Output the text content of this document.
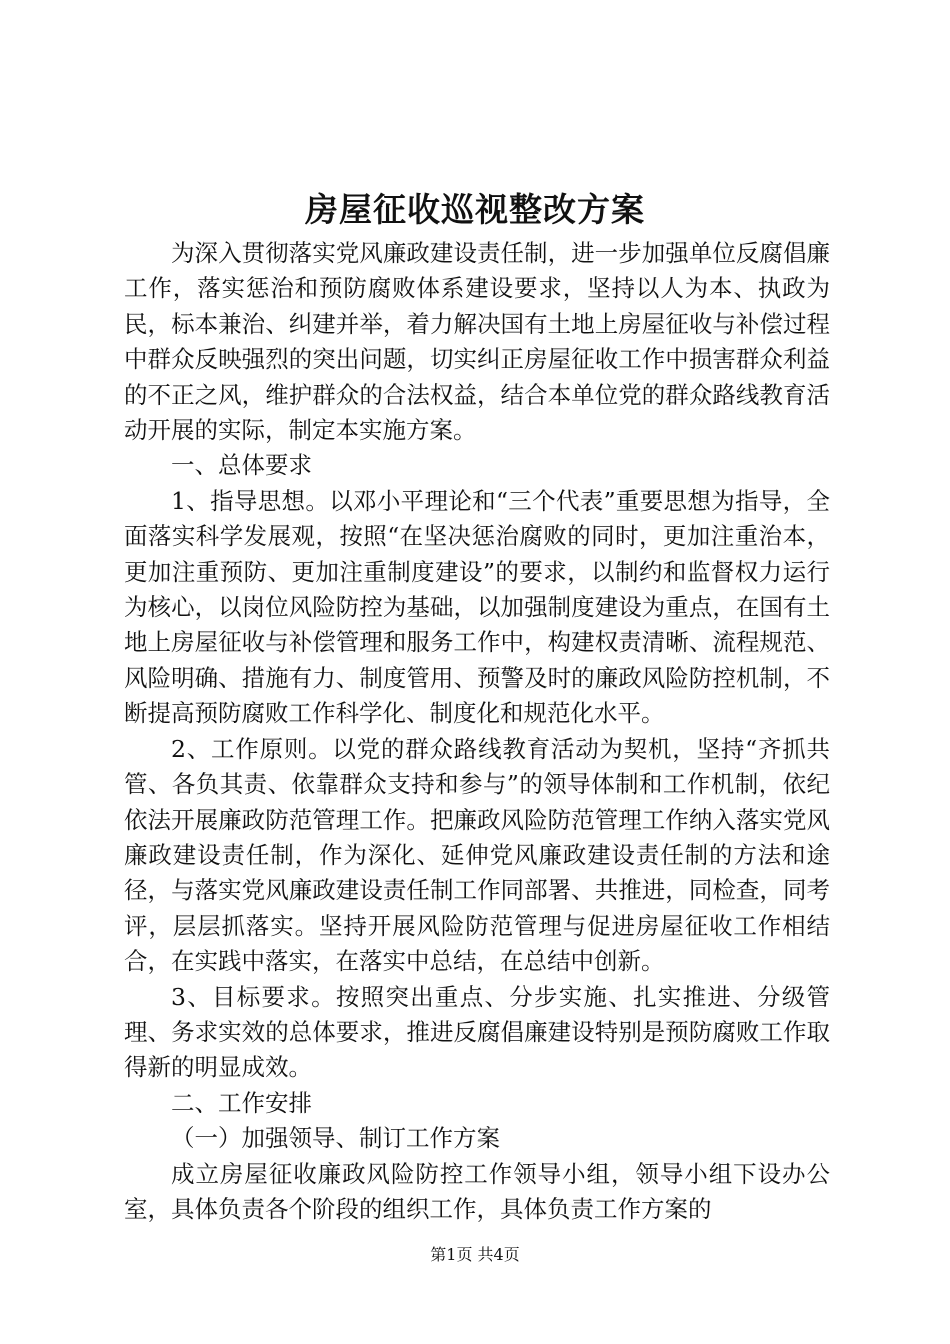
房屋征收巡视整改方案

为深入贯彻落实党风廉政建设责任制，进一步加强单位反腐倡廉工作，落实惩治和预防腐败体系建设要求，坚持以人为本、执政为民，标本兼治、纠建并举，着力解决国有土地上房屋征收与补偿过程中群众反映强烈的突出问题，切实纠正房屋征收工作中损害群众利益的不正之风，维护群众的合法权益，结合本单位党的群众路线教育活动开展的实际，制定本实施方案。

一、总体要求

1、指导思想。以邓小平理论和“三个代表”重要思想为指导，全面落实科学发展观，按照“在坚决惩治腐败的同时，更加注重治本，更加注重预防、更加注重制度建设”的要求，以制约和监督权力运行为核心，以岗位风险防控为基础，以加强制度建设为重点，在国有土地上房屋征收与补偿管理和服务工作中，构建权责清晰、流程规范、风险明确、措施有力、制度管用、预警及时的廉政风险防控机制，不断提高预防腐败工作科学化、制度化和规范化水平。

2、工作原则。以党的群众路线教育活动为契机，坚持“齐抓共管、各负其责、依靠群众支持和参与”的领导体制和工作机制，依纪依法开展廉政防范管理工作。把廉政风险防范管理工作纳入落实党风廉政建设责任制，作为深化、延伸党风廉政建设责任制的方法和途径，与落实党风廉政建设责任制工作同部署、共推进，同检查，同考评，层层抓落实。坚持开展风险防范管理与促进房屋征收工作相结合，在实践中落实，在落实中总结，在总结中创新。

3、目标要求。按照突出重点、分步实施、扎实推进、分级管理、务求实效的总体要求，推进反腐倡廉建设特别是预防腐败工作取得新的明显成效。

二、工作安排

（一）加强领导、制订工作方案

成立房屋征收廉政风险防控工作领导小组，领导小组下设办公室，具体负责各个阶段的组织工作，具体负责工作方案的

第1页 共4页
